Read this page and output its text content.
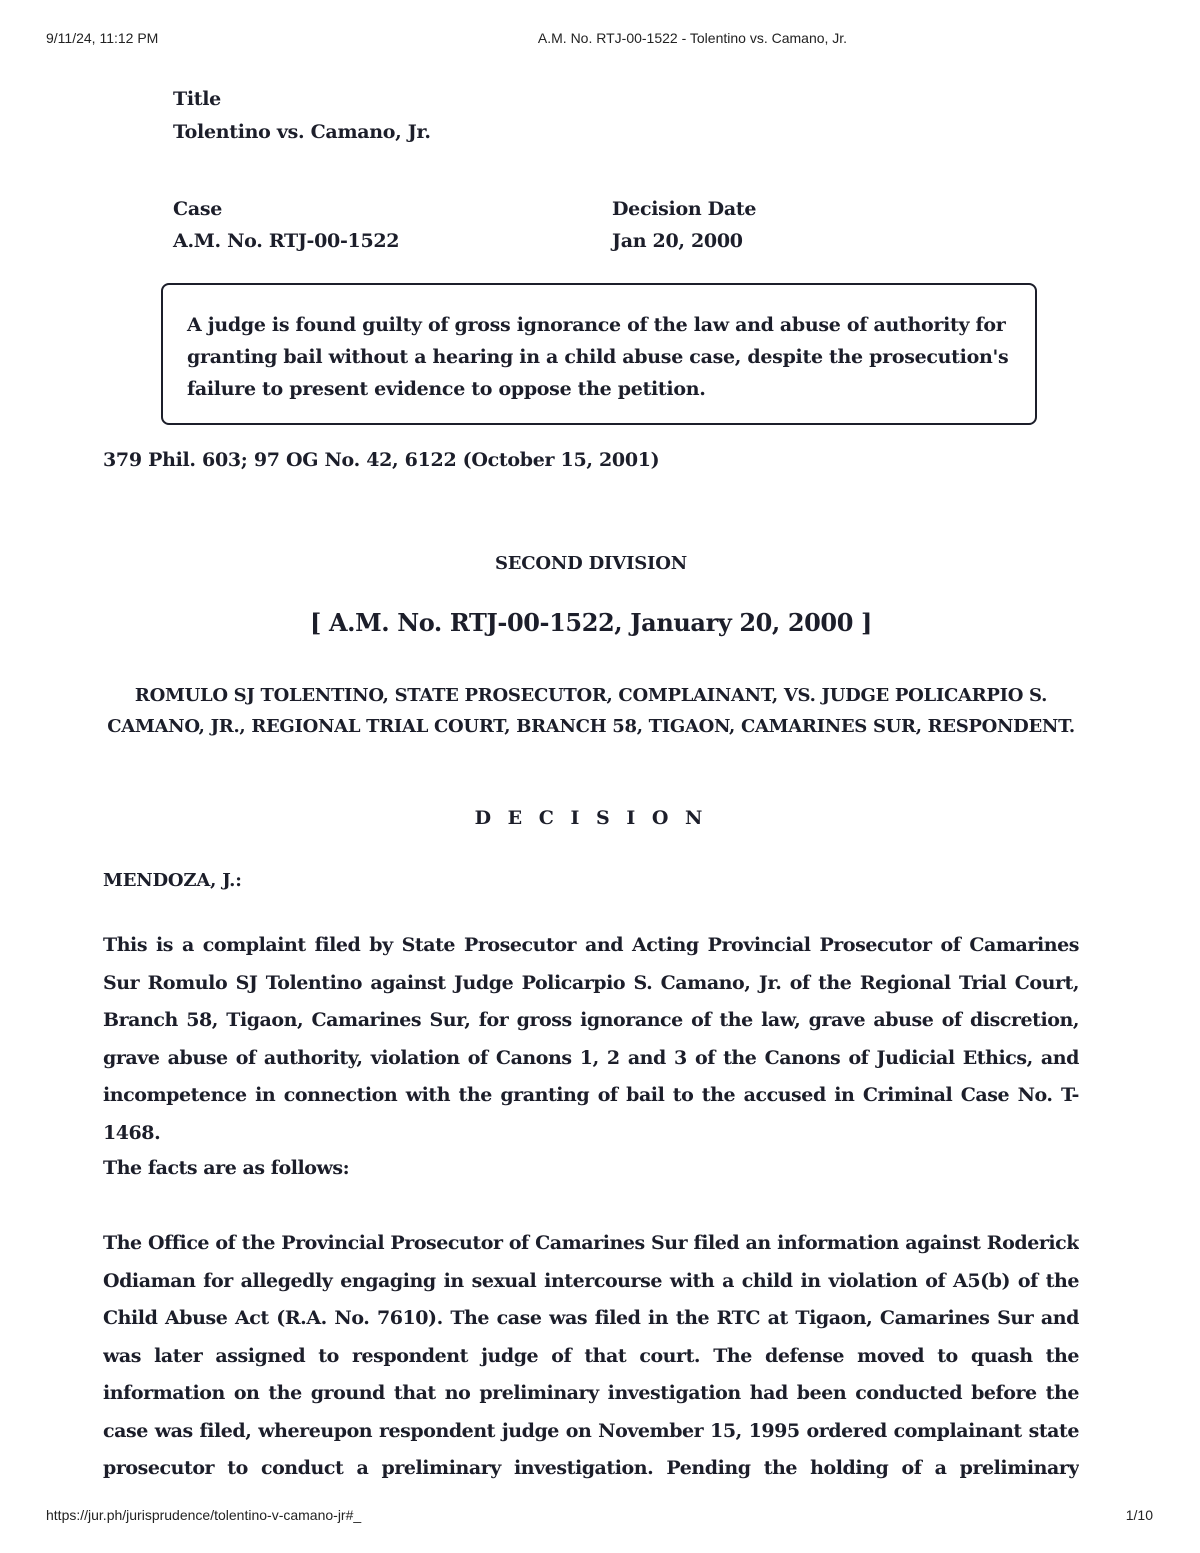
9/11/24, 11:12 PM	A.M. No. RTJ-00-1522 - Tolentino vs. Camano, Jr.
Title
Tolentino vs. Camano, Jr.
Case
A.M. No. RTJ-00-1522
Decision Date
Jan 20, 2000

A judge is found guilty of gross ignorance of the law and abuse of authority for granting bail without a hearing in a child abuse case, despite the prosecution's failure to present evidence to oppose the petition.

379 Phil. 603; 97 OG No. 42, 6122 (October 15, 2001)
SECOND DIVISION
[ A.M. No. RTJ-00-1522, January 20, 2000 ]

ROMULO SJ TOLENTINO, STATE PROSECUTOR, COMPLAINANT, VS. JUDGE POLICARPIO S. CAMANO, JR., REGIONAL TRIAL COURT, BRANCH 58, TIGAON, CAMARINES SUR, RESPONDENT.

D E C I S I O N
MENDOZA, J.:

This is a complaint filed by State Prosecutor and Acting Provincial Prosecutor of Camarines Sur Romulo SJ Tolentino against Judge Policarpio S. Camano, Jr. of the Regional Trial Court, Branch 58, Tigaon, Camarines Sur, for gross ignorance of the law, grave abuse of discretion, grave abuse of authority, violation of Canons 1, 2 and 3 of the Canons of Judicial Ethics, and incompetence in connection with the granting of bail to the accused in Criminal Case No. T-1468.

The facts are as follows:

The Office of the Provincial Prosecutor of Camarines Sur filed an information against Roderick Odiaman for allegedly engaging in sexual intercourse with a child in violation of A5(b) of the Child Abuse Act (R.A. No. 7610). The case was filed in the RTC at Tigaon, Camarines Sur and was later assigned to respondent judge of that court. The defense moved to quash the information on the ground that no preliminary investigation had been conducted before the case was filed, whereupon respondent judge on November 15, 1995 ordered complainant state prosecutor to conduct a preliminary investigation. Pending the holding of a preliminary

https://jur.ph/jurisprudence/tolentino-v-camano-jr#_	1/10
